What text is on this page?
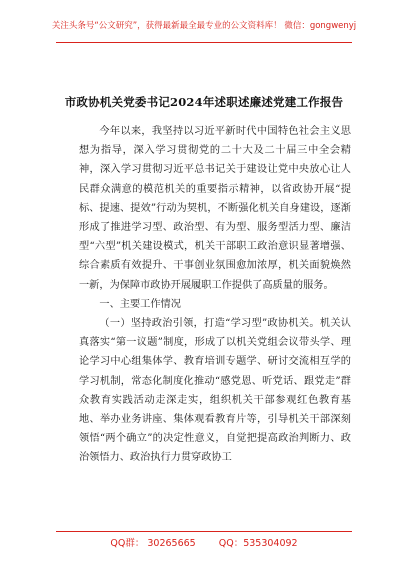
关注头条号“公文研究”，获得最新最全最专业的公文资料库！ 微信：gongwenyj
市政协机关党委书记2024年述职述廉述党建工作报告

今年以来，我坚持以习近平新时代中国特色社会主义思想为指导，深入学习贯彻党的二十大及二十届三中全会精神，深入学习贯彻习近平总书记关于建设让党中央放心让人民群众满意的模范机关的重要指示精神，以省政协开展“提标、提速、提效”行动为契机，不断强化机关自身建设，逐渐形成了推进学习型、政治型、有为型、服务型活力型、廉洁型“六型”机关建设模式，机关干部职工政治意识显著增强、综合素质有效提升、干事创业氛围愈加浓厚，机关面貌焕然一新，为保障市政协开展履职工作提供了高质量的服务。

一、主要工作情况

（一）坚持政治引领，打造“学习型”政协机关。机关认真落实“第一议题”制度，形成了以机关党组会议带头学、理论学习中心组集体学、教育培训专题学、研讨交流相互学的学习机制，常态化制度化推动“感党恩、听党话、跟党走”群众教育实践活动走深走实，组织机关干部参观红色教育基地、举办业务讲座、集体观看教育片等，引导机关干部深刻领悟“两个确立”的决定性意义，自觉把提高政治判断力、政治领悟力、政治执行力贯穿政协工

QQ群： 30265665 QQ：535304092
